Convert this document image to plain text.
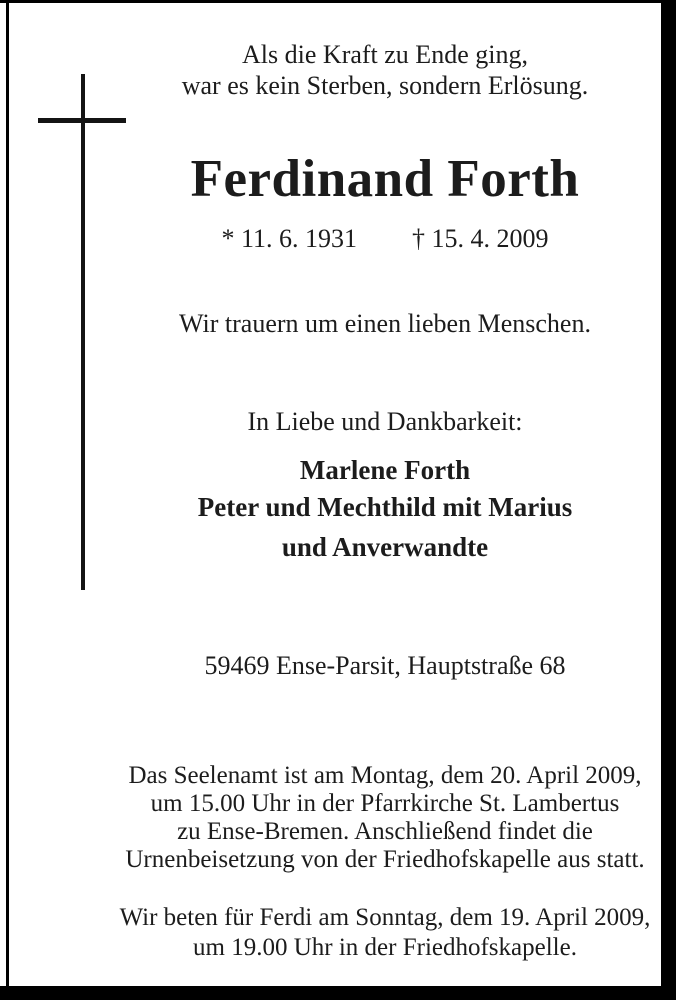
Als die Kraft zu Ende ging,
war es kein Sterben, sondern Erlösung.
Ferdinand Forth
* 11. 6. 1931 † 15. 4. 2009
Wir trauern um einen lieben Menschen.
In Liebe und Dankbarkeit:
Marlene Forth
Peter und Mechthild mit Marius
und Anverwandte
59469 Ense-Parsit, Hauptstraße 68
Das Seelenamt ist am Montag, dem 20. April 2009,
um 15.00 Uhr in der Pfarrkirche St. Lambertus
zu Ense-Bremen. Anschließend findet die
Urnenbeisetzung von der Friedhofskapelle aus statt.
Wir beten für Ferdi am Sonntag, dem 19. April 2009,
um 19.00 Uhr in der Friedhofskapelle.
